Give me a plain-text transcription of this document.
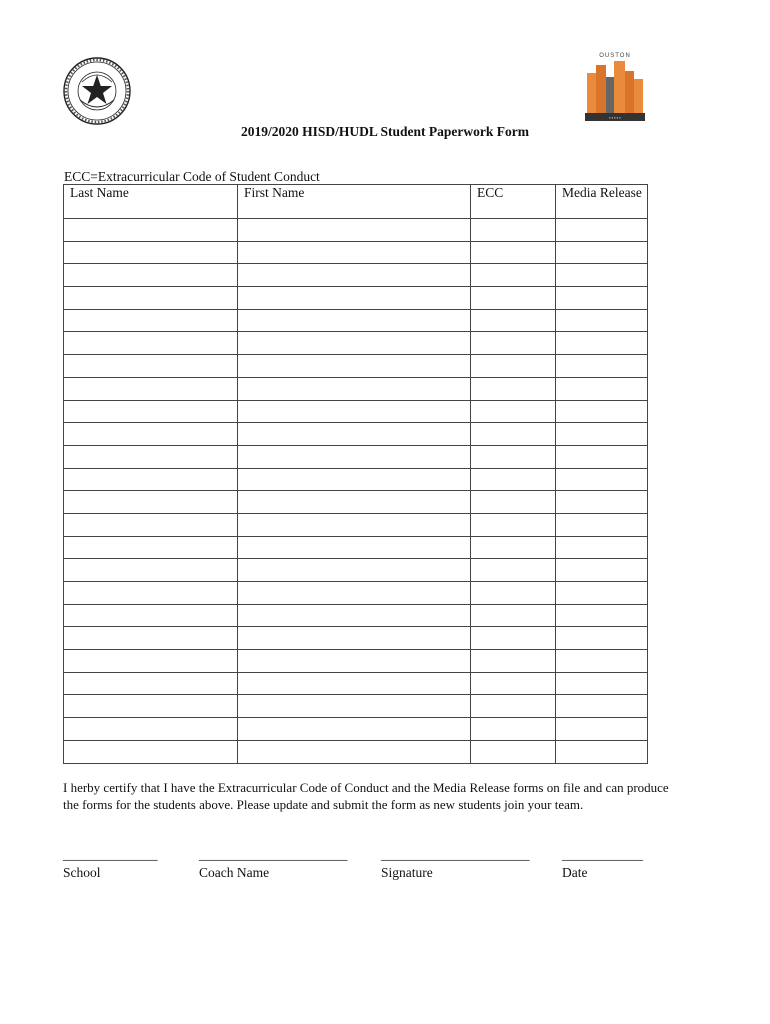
OUSTON
▪ ▪ ▪ ▪ ▪
2019/2020 HISD/HUDL Student Paperwork Form
ECC=Extracurricular Code of Student Conduct
Last Name	First Name	ECC	Media Release

I herby certify that I have the Extracurricular Code of Conduct and the Media Release forms on file and can produce the forms for the students above. Please update and submit the form as new students join your team.
______________
School
______________________
Coach Name
______________________
Signature
____________
Date
